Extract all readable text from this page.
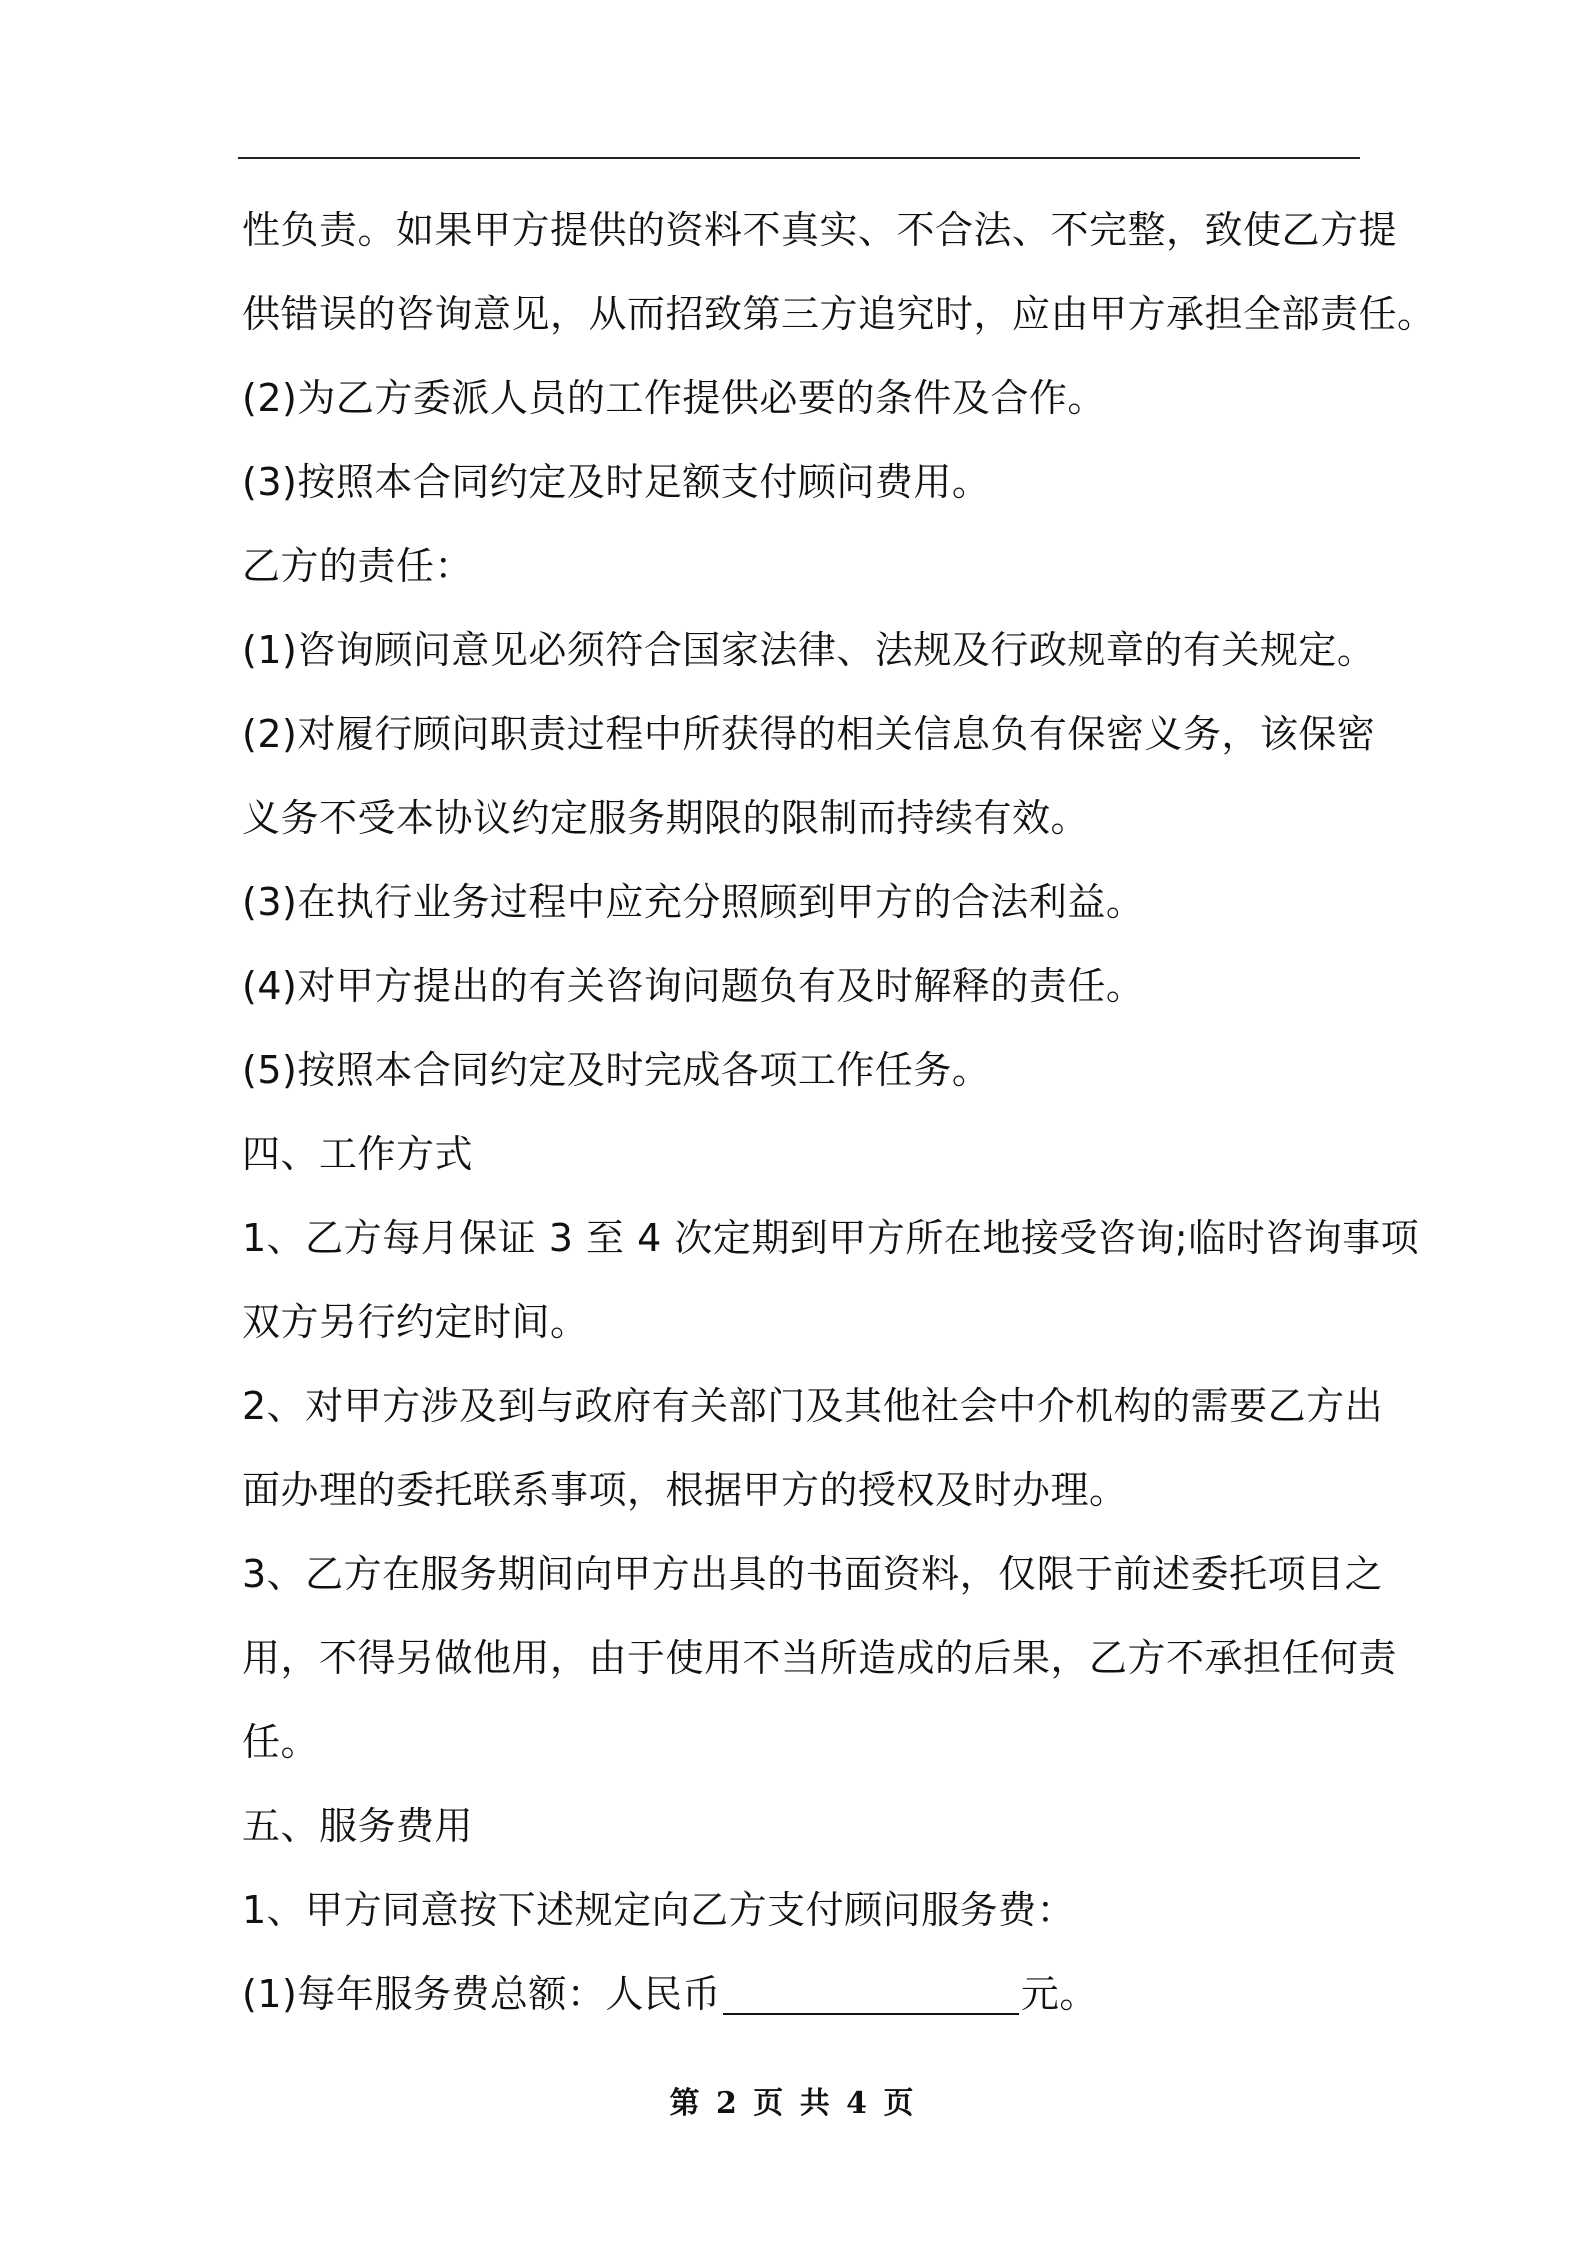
性负责。如果甲方提供的资料不真实、不合法、不完整，致使乙方提
供错误的咨询意见，从而招致第三方追究时，应由甲方承担全部责任。
(2)为乙方委派人员的工作提供必要的条件及合作。
(3)按照本合同约定及时足额支付顾问费用。
乙方的责任：
(1)咨询顾问意见必须符合国家法律、法规及行政规章的有关规定。
(2)对履行顾问职责过程中所获得的相关信息负有保密义务，该保密
义务不受本协议约定服务期限的限制而持续有效。
(3)在执行业务过程中应充分照顾到甲方的合法利益。
(4)对甲方提出的有关咨询问题负有及时解释的责任。
(5)按照本合同约定及时完成各项工作任务。
四、工作方式
1、乙方每月保证 3 至 4 次定期到甲方所在地接受咨询;临时咨询事项
双方另行约定时间。
2、对甲方涉及到与政府有关部门及其他社会中介机构的需要乙方出
面办理的委托联系事项，根据甲方的授权及时办理。
3、乙方在服务期间向甲方出具的书面资料，仅限于前述委托项目之
用，不得另做他用，由于使用不当所造成的后果，乙方不承担任何责
任。
五、服务费用
1、甲方同意按下述规定向乙方支付顾问服务费：
(1)每年服务费总额：人民币	元。
第 2 页 共 4 页
